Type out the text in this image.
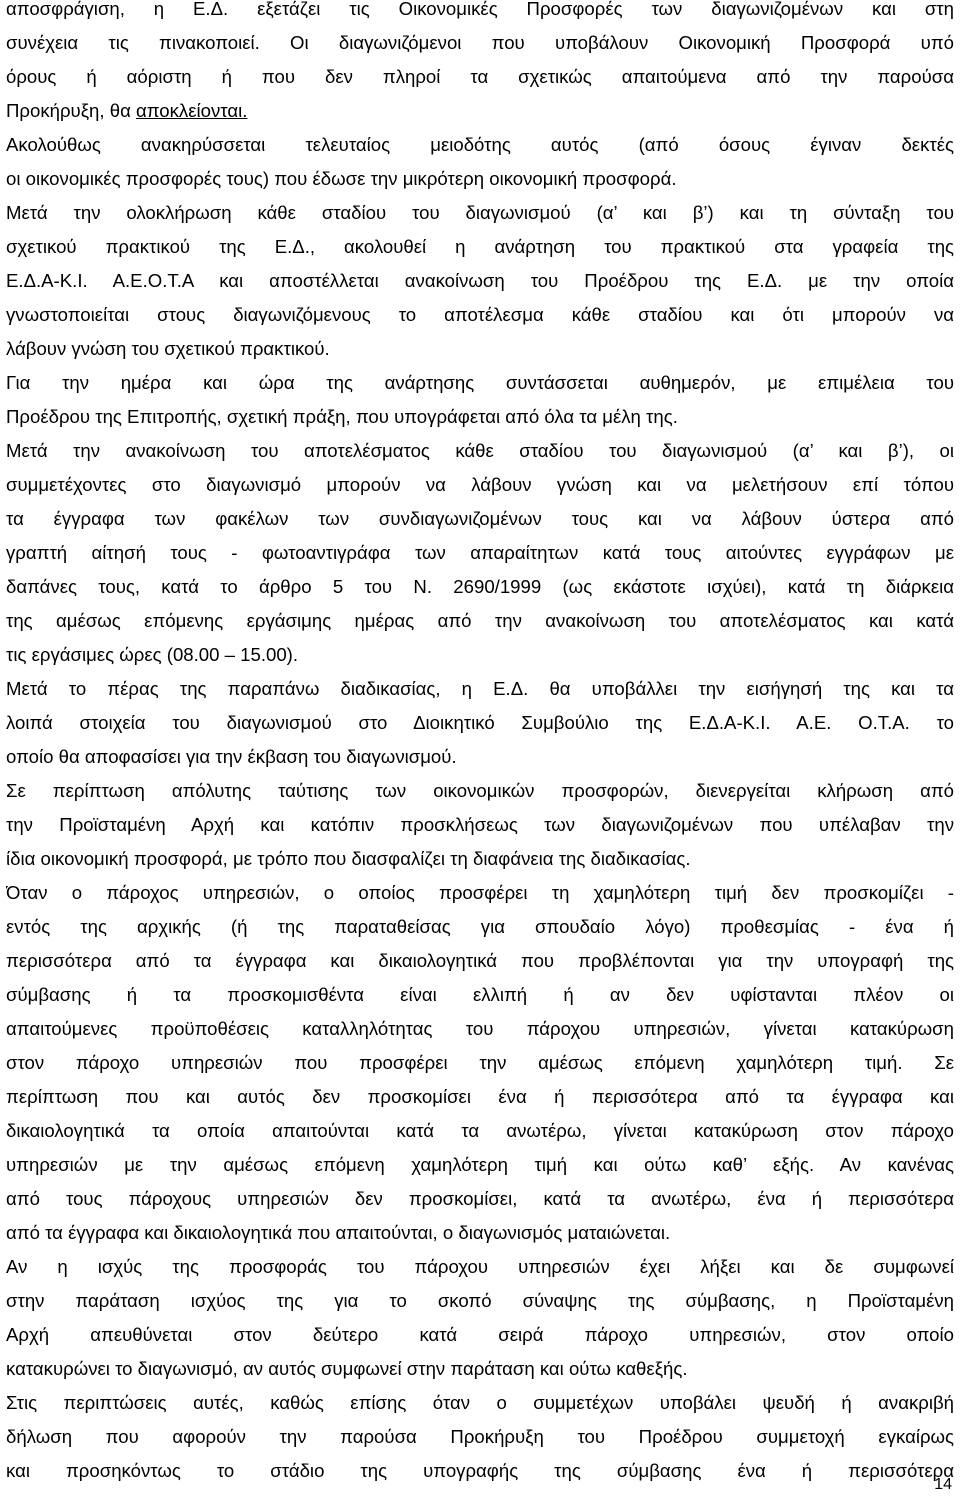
αποσφράγιση, η Ε.Δ. εξετάζει τις Οικονομικές Προσφορές των διαγωνιζομένων και στη
συνέχεια τις πινακοποιεί. Οι διαγωνιζόμενοι που υποβάλουν Οικονομική Προσφορά υπό
όρους ή αόριστη ή που δεν πληροί τα σχετικώς απαιτούμενα από την παρούσα
Προκήρυξη, θα αποκλείονται.
Ακολούθως ανακηρύσσεται τελευταίος μειοδότης αυτός (από όσους έγιναν δεκτές
οι οικονομικές προσφορές τους) που έδωσε την μικρότερη οικονομική προσφορά.
Μετά την ολοκλήρωση κάθε σταδίου του διαγωνισμού (α’ και β’) και τη σύνταξη του
σχετικού πρακτικού της Ε.Δ., ακολουθεί η ανάρτηση του πρακτικού στα γραφεία της
Ε.Δ.Α-Κ.Ι. Α.Ε.Ο.Τ.Α και αποστέλλεται ανακοίνωση του Προέδρου της Ε.Δ. με την οποία
γνωστοποιείται στους διαγωνιζόμενους το αποτέλεσμα κάθε σταδίου και ότι μπορούν να
λάβουν γνώση του σχετικού πρακτικού.
Για την ημέρα και ώρα της ανάρτησης συντάσσεται αυθημερόν, με επιμέλεια του
Προέδρου της Επιτροπής, σχετική πράξη, που υπογράφεται από όλα τα μέλη της.
Μετά την ανακοίνωση του αποτελέσματος κάθε σταδίου του διαγωνισμού (α’ και β’), οι
συμμετέχοντες στο διαγωνισμό μπορούν να λάβουν γνώση και να μελετήσουν επί τόπου
τα έγγραφα των φακέλων των συνδιαγωνιζομένων τους και να λάβουν ύστερα από
γραπτή αίτησή τους - φωτοαντιγράφα των απαραίτητων κατά τους αιτούντες εγγράφων με
δαπάνες τους, κατά το άρθρο 5 του Ν. 2690/1999 (ως εκάστοτε ισχύει), κατά τη διάρκεια
της αμέσως επόμενης εργάσιμης ημέρας από την ανακοίνωση του αποτελέσματος και κατά
τις εργάσιμες ώρες (08.00 – 15.00).
Μετά το πέρας της παραπάνω διαδικασίας, η Ε.Δ. θα υποβάλλει την εισήγησή της και τα
λοιπά στοιχεία του διαγωνισμού στο Διοικητικό Συμβούλιο της Ε.Δ.Α-Κ.Ι. Α.Ε. Ο.Τ.Α. το
οποίο θα αποφασίσει για την έκβαση του διαγωνισμού.
Σε περίπτωση απόλυτης ταύτισης των οικονομικών προσφορών, διενεργείται κλήρωση από
την Προϊσταμένη Αρχή και κατόπιν προσκλήσεως των διαγωνιζομένων που υπέλαβαν την
ίδια οικονομική προσφορά, με τρόπο που διασφαλίζει τη διαφάνεια της διαδικασίας.
Όταν ο πάροχος υπηρεσιών, ο οποίος προσφέρει τη χαμηλότερη τιμή δεν προσκομίζει -
εντός της αρχικής (ή της παραταθείσας για σπουδαίο λόγο) προθεσμίας - ένα ή
περισσότερα από τα έγγραφα και δικαιολογητικά που προβλέπονται για την υπογραφή της
σύμβασης ή τα προσκομισθέντα είναι ελλιπή ή αν δεν υφίστανται πλέον οι
απαιτούμενες προϋποθέσεις καταλληλότητας του πάροχου υπηρεσιών, γίνεται κατακύρωση
στον πάροχο υπηρεσιών που προσφέρει την αμέσως επόμενη χαμηλότερη τιμή. Σε
περίπτωση που και αυτός δεν προσκομίσει ένα ή περισσότερα από τα έγγραφα και
δικαιολογητικά τα οποία απαιτούνται κατά τα ανωτέρω, γίνεται κατακύρωση στον πάροχο
υπηρεσιών με την αμέσως επόμενη χαμηλότερη τιμή και ούτω καθ’ εξής. Αν κανένας
από τους πάροχους υπηρεσιών δεν προσκομίσει, κατά τα ανωτέρω, ένα ή περισσότερα
από τα έγγραφα και δικαιολογητικά που απαιτούνται, ο διαγωνισμός ματαιώνεται.
Αν η ισχύς της προσφοράς του πάροχου υπηρεσιών έχει λήξει και δε συμφωνεί
στην παράταση ισχύος της για το σκοπό σύναψης της σύμβασης, η Προϊσταμένη
Αρχή απευθύνεται στον δεύτερο κατά σειρά πάροχο υπηρεσιών, στον οποίο
κατακυρώνει το διαγωνισμό, αν αυτός συμφωνεί στην παράταση και ούτω καθεξής.
Στις περιπτώσεις αυτές, καθώς επίσης όταν ο συμμετέχων υποβάλει ψευδή ή ανακριβή
δήλωση που αφορούν την παρούσα Προκήρυξη του Προέδρου συμμετοχή εγκαίρως
και προσηκόντως το στάδιο της υπογραφής της σύμβασης ένα ή περισσότερα
14
